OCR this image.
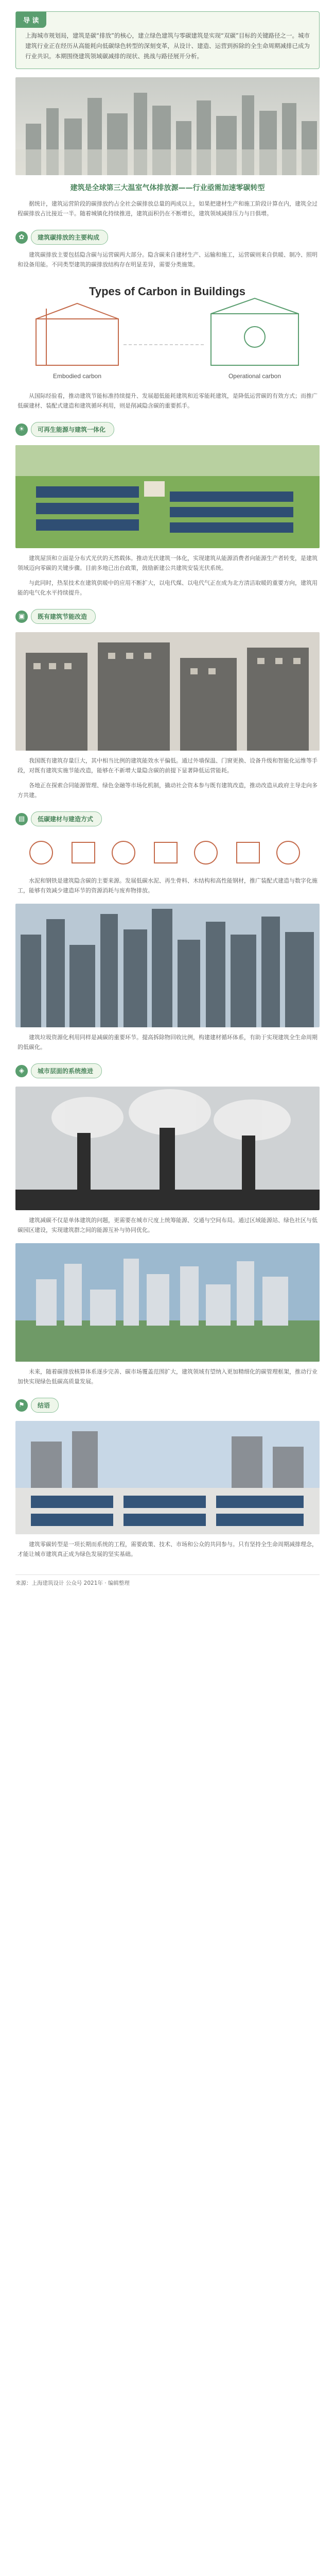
导 读
上海城市规划局，建筑是碳“排放”的核心，建立绿色建筑与零碳建筑是实现“双碳”目标的关键路径之一。城市建筑行业正在经历从高能耗向低碳绿色转型的深刻变革，从设计、建造、运营到拆除的全生命周期减排已成为行业共识。本期围绕建筑领域碳减排的现状、挑战与路径展开分析。
建筑是全球第三大温室气体排放源——行业亟需加速零碳转型
据统计，建筑运营阶段的碳排放约占全社会碳排放总量的两成以上，如果把建材生产和施工阶段计算在内，建筑全过程碳排放占比接近一半。随着城镇化持续推进，建筑面积仍在不断增长，建筑领域减排压力与日俱增。
✿	建筑碳排放的主要构成
建筑碳排放主要包括隐含碳与运营碳两大部分。隐含碳来自建材生产、运输和施工，运营碳则来自供暖、制冷、照明和设备用能。不同类型建筑的碳排放结构存在明显差异，需要分类施策。
Types of Carbon in Buildings
Embodied carbon	Operational carbon
从国际经验看，推动建筑节能标准持续提升、发展超低能耗建筑和近零能耗建筑，是降低运营碳的有效方式；而推广低碳建材、装配式建造和建筑循环利用，则是削减隐含碳的重要抓手。
☀	可再生能源与建筑一体化
建筑屋顶和立面是分布式光伏的天然载体。推动光伏建筑一体化，实现建筑从能源消费者向能源生产者转变，是建筑领域迈向零碳的关键步骤。目前多地已出台政策，鼓励新建公共建筑安装光伏系统。
与此同时，热泵技术在建筑供暖中的应用不断扩大，以电代煤、以电代气正在成为北方清洁取暖的重要方向，建筑用能的电气化水平持续提升。
▣	既有建筑节能改造
我国既有建筑存量巨大，其中相当比例的建筑能效水平偏低。通过外墙保温、门窗更换、设备升级和智能化运维等手段，对既有建筑实施节能改造，能够在不新增大量隐含碳的前提下显著降低运营能耗。
各地正在探索合同能源管理、绿色金融等市场化机制，撬动社会资本参与既有建筑改造，推动改造从政府主导走向多方共建。
▤	低碳建材与建造方式
水泥和钢铁是建筑隐含碳的主要来源。发展低碳水泥、再生骨料、木结构和高性能钢材，推广装配式建造与数字化施工，能够有效减少建造环节的资源消耗与废弃物排放。
建筑垃圾资源化利用同样是减碳的重要环节。提高拆除物回收比例，构建建材循环体系，有助于实现建筑全生命周期的低碳化。
◈	城市层面的系统推进
建筑减碳不仅是单体建筑的问题，更需要在城市尺度上统筹能源、交通与空间布局。通过区域能源站、绿色社区与低碳园区建设，实现建筑群之间的能源互补与协同优化。
未来，随着碳排放核算体系逐步完善、碳市场覆盖范围扩大，建筑领域有望纳入更加精细化的碳管理框架，推动行业加快实现绿色低碳高质量发展。
⚑	结语
建筑零碳转型是一项长期而系统的工程，需要政策、技术、市场和公众的共同参与。只有坚持全生命周期减排理念，才能让城市建筑真正成为绿色发展的坚实基础。
来源：上海建筑设计 公众号 2021年 · 编辑整理
